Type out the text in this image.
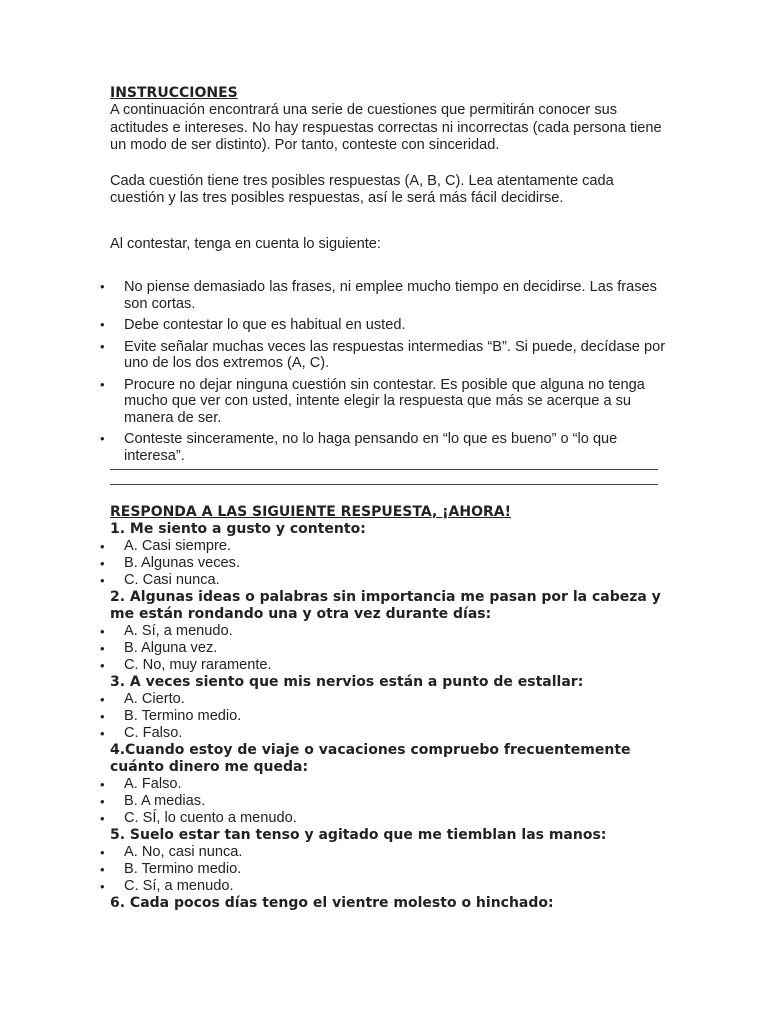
INSTRUCCIONES

A continuación encontrará una serie de cuestiones que permitirán conocer sus actitudes e intereses. No hay respuestas correctas ni incorrectas (cada persona tiene un modo de ser distinto). Por tanto, conteste con sinceridad.

Cada cuestión tiene tres posibles respuestas (A, B, C). Lea atentamente cada cuestión y las tres posibles respuestas, así le será más fácil decidirse.

Al contestar, tenga en cuenta lo siguiente:

• No piense demasiado las frases, ni emplee mucho tiempo en decidirse. Las frases son cortas.
• Debe contestar lo que es habitual en usted.
• Evite señalar muchas veces las respuestas intermedias “B”. Si puede, decídase por uno de los dos extremos (A, C).
• Procure no dejar ninguna cuestión sin contestar. Es posible que alguna no tenga mucho que ver con usted, intente elegir la respuesta que más se acerque a su manera de ser.
• Conteste sinceramente, no lo haga pensando en “lo que es bueno” o “lo que interesa”.
RESPONDA A LAS SIGUIENTE RESPUESTA, ¡AHORA!
1. Me siento a gusto y contento:
• A. Casi siempre.
• B. Algunas veces.
• C. Casi nunca.
2. Algunas ideas o palabras sin importancia me pasan por la cabeza y me están rondando una y otra vez durante días:
• A. Sí, a menudo.
• B. Alguna vez.
• C. No, muy raramente.
3. A veces siento que mis nervios están a punto de estallar:
• A. Cierto.
• B. Termino medio.
• C. Falso.
4.Cuando estoy de viaje o vacaciones compruebo frecuentemente cuánto dinero me queda:
• A. Falso.
• B. A medias.
• C. SÍ, lo cuento a menudo.
5. Suelo estar tan tenso y agitado que me tiemblan las manos:
• A. No, casi nunca.
• B. Termino medio.
• C. Sí, a menudo.
6. Cada pocos días tengo el vientre molesto o hinchado:
